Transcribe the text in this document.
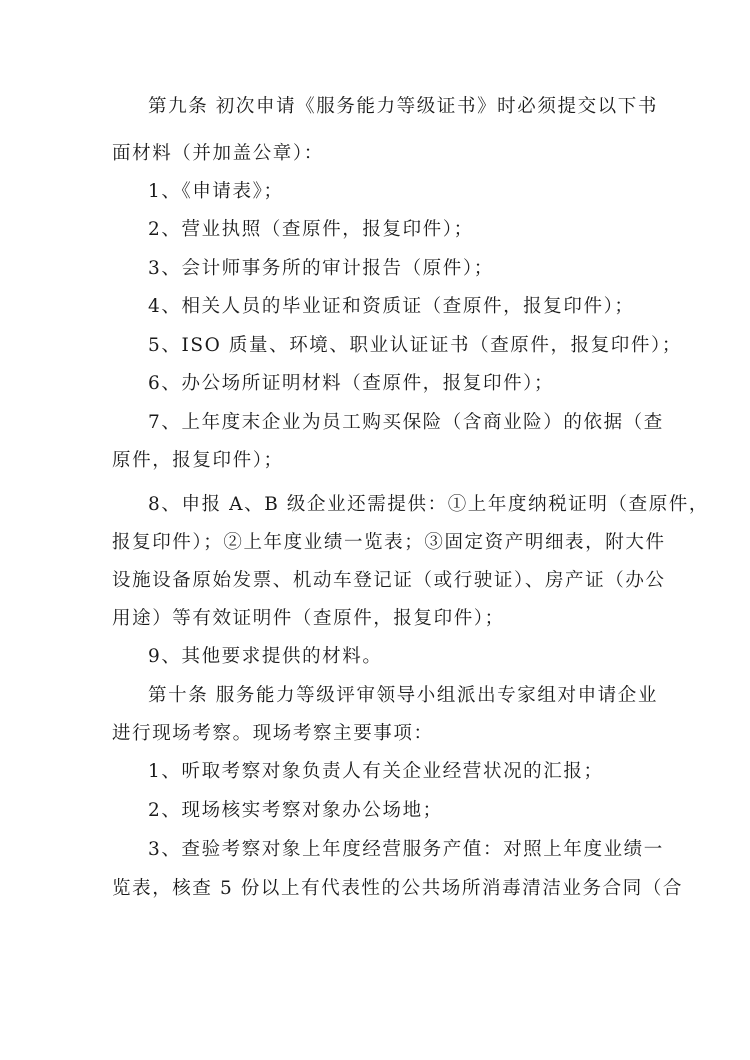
第九条 初次申请《服务能力等级证书》时必须提交以下书
面材料（并加盖公章）：
1、《申请表》；
2、营业执照（查原件，报复印件）；
3、会计师事务所的审计报告（原件）；
4、相关人员的毕业证和资质证（查原件，报复印件）；
5、ISO 质量、环境、职业认证证书（查原件，报复印件）；
6、办公场所证明材料（查原件，报复印件）；
7、上年度末企业为员工购买保险（含商业险）的依据（查
原件，报复印件）；
8、申报 A、B 级企业还需提供：①上年度纳税证明（查原件，
报复印件）；②上年度业绩一览表；③固定资产明细表，附大件
设施设备原始发票、机动车登记证（或行驶证）、房产证（办公
用途）等有效证明件（查原件，报复印件）；
9、其他要求提供的材料。
第十条 服务能力等级评审领导小组派出专家组对申请企业
进行现场考察。现场考察主要事项：
1、听取考察对象负责人有关企业经营状况的汇报；
2、现场核实考察对象办公场地；
3、查验考察对象上年度经营服务产值：对照上年度业绩一
览表，核查 5 份以上有代表性的公共场所消毒清洁业务合同（合
